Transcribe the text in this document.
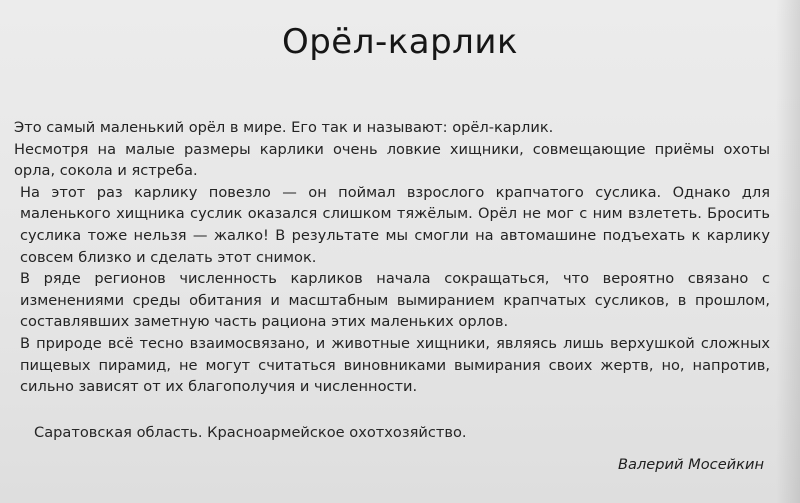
Орёл-карлик

Это самый маленький орёл в мире. Его так и называют: орёл-карлик.

Несмотря на малые размеры карлики очень ловкие хищники, совмещающие приёмы охоты орла, сокола и ястреба.

На этот раз карлику повезло — он поймал взрослого крапчатого суслика. Однако для маленького хищника суслик оказался слишком тяжёлым. Орёл не мог с ним взлететь. Бросить суслика тоже нельзя — жалко! В результате мы смогли на автомашине подъехать к карлику совсем близко и сделать этот снимок.

В ряде регионов численность карликов начала сокращаться, что вероятно связано с изменениями среды обитания и масштабным вымиранием крапчатых сусликов, в прошлом, составлявших заметную часть рациона этих маленьких орлов.

В природе всё тесно взаимосвязано, и животные хищники, являясь лишь верхушкой сложных пищевых пирамид, не могут считаться виновниками вымирания своих жертв, но, напротив, сильно зависят от их благополучия и численности.

Саратовская область. Красноармейское охотхозяйство.

Валерий Мосейкин
